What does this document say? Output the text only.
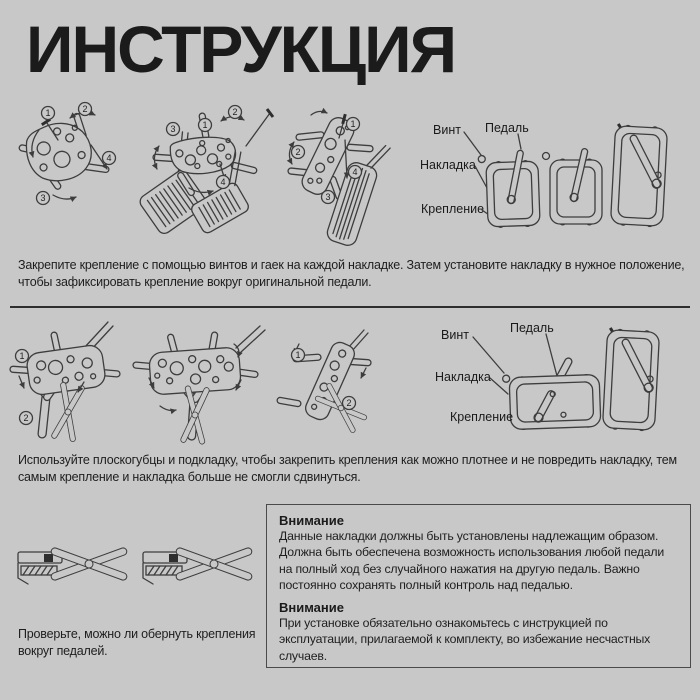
ИНСТРУКЦИЯ
1	2
3
4
3	1
2
4
1
2
3
4
Винт Педаль
Накладка
Крепление

Закрепите крепление с помощью винтов и гаек на каждой накладке. Затем установите накладку в нужное положение, чтобы зафиксировать крепление вокруг оригинальной педали.

1
2
1
2
Винт	Педаль
Накладка
Крепление

Используйте плоскогубцы и подкладку, чтобы закрепить крепления как можно плотнее и не повредить накладку, тем самым крепление и накладка больше не смогли сдвинуться.

Проверьте, можно ли обернуть крепления вокруг педалей.

Внимание

Данные накладки должны быть установлены надлежащим образом. Должна быть обеспечена возможность использования любой педали на полный ход без случайного нажатия на другую педаль. Важно постоянно сохранять полный контроль над педалью.

Внимание

При установке обязательно ознакомьтесь с инструкцией по эксплуатации, прилагаемой к комплекту, во избежание несчастных случаев.
